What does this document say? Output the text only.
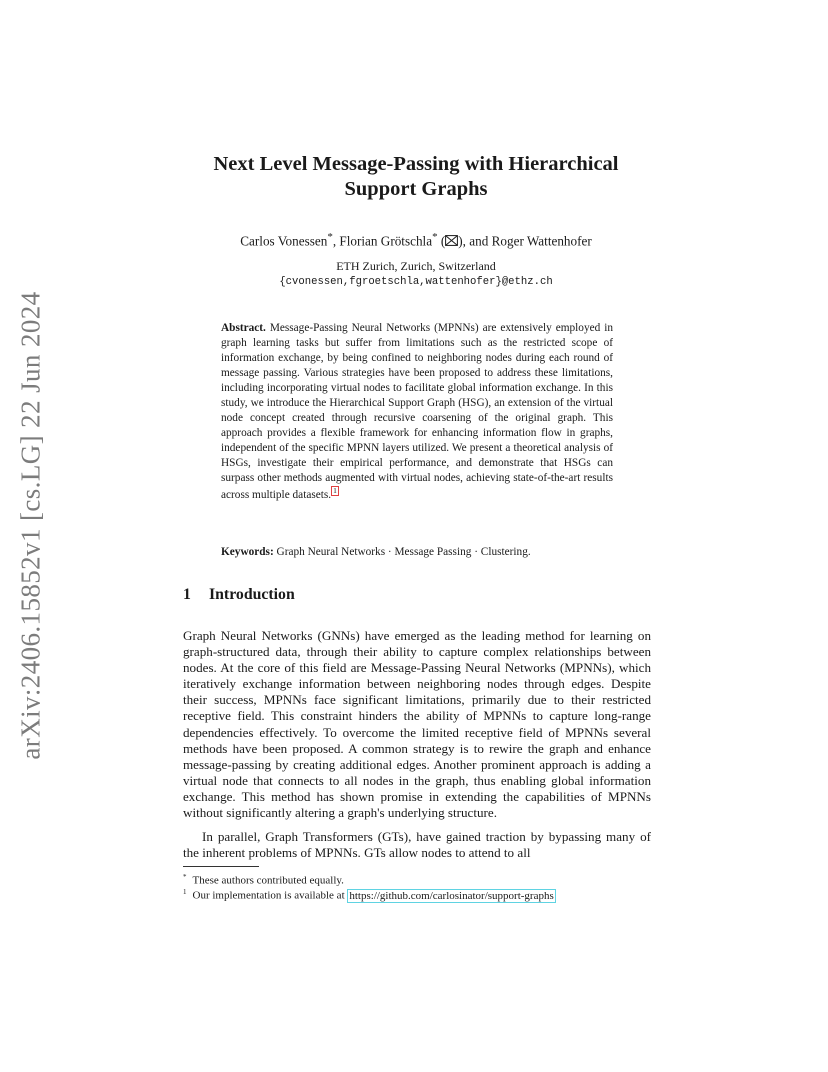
arXiv:2406.15852v1 [cs.LG] 22 Jun 2024
Next Level Message-Passing with Hierarchical
Support Graphs
Carlos Vonessen*, Florian Grötschla* ( ), and Roger Wattenhofer
ETH Zurich, Zurich, Switzerland
{cvonessen,fgroetschla,wattenhofer}@ethz.ch

Abstract. Message-Passing Neural Networks (MPNNs) are extensively employed in graph learning tasks but suffer from limitations such as the restricted scope of information exchange, by being confined to neighboring nodes during each round of message passing. Various strategies have been proposed to address these limitations, including incorporating virtual nodes to facilitate global information exchange. In this study, we introduce the Hierarchical Support Graph (HSG), an extension of the virtual node concept created through recursive coarsening of the original graph. This approach provides a flexible framework for enhancing information flow in graphs, independent of the specific MPNN layers utilized. We present a theoretical analysis of HSGs, investigate their empirical performance, and demonstrate that HSGs can surpass other methods augmented with virtual nodes, achieving state-of-the-art results across multiple datasets. 1

Keywords: Graph Neural Networks · Message Passing · Clustering.
1 Introduction

Graph Neural Networks (GNNs) have emerged as the leading method for learning on graph-structured data, through their ability to capture complex relationships between nodes. At the core of this field are Message-Passing Neural Networks (MPNNs), which iteratively exchange information between neighboring nodes through edges. Despite their success, MPNNs face significant limitations, primarily due to their restricted receptive field. This constraint hinders the ability of MPNNs to capture long-range dependencies effectively. To overcome the limited receptive field of MPNNs several methods have been proposed. A common strategy is to rewire the graph and enhance message-passing by creating additional edges. Another prominent approach is adding a virtual node that connects to all nodes in the graph, thus enabling global information exchange. This method has shown promise in extending the capabilities of MPNNs without significantly altering a graph's underlying structure.

In parallel, Graph Transformers (GTs), have gained traction by bypassing many of the inherent problems of MPNNs. GTs allow nodes to attend to all

* These authors contributed equally.
$^1$ Our implementation is available at https://github.com/carlosinator/support-graphs
